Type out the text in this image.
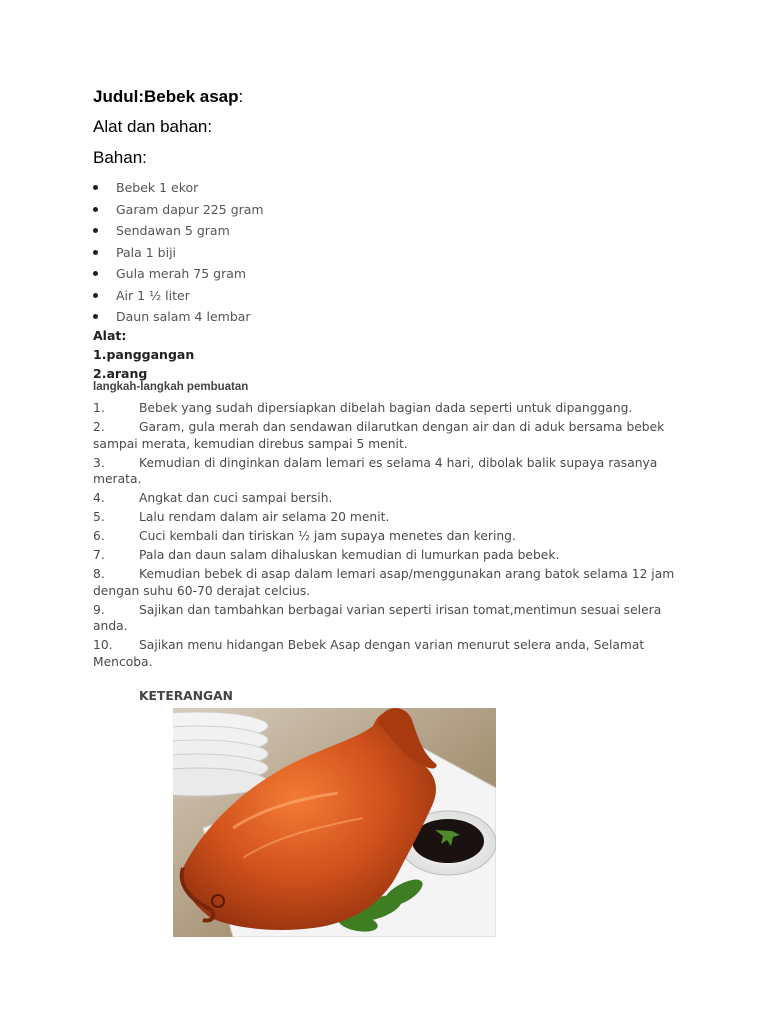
Judul:Bebek asap:
Alat dan bahan:
Bahan:
Bebek 1 ekor
Garam dapur 225 gram
Sendawan 5 gram
Pala 1 biji
Gula merah 75 gram
Air 1 ½ liter
Daun salam 4 lembar
Alat:
1.panggangan
2.arang
langkah-langkah pembuatan
1.	Bebek yang sudah dipersiapkan dibelah bagian dada seperti untuk dipanggang.
2.	Garam, gula merah dan sendawan dilarutkan dengan air dan di aduk bersama bebek sampai merata, kemudian direbus sampai 5 menit.
3.	Kemudian di dinginkan dalam lemari es selama 4 hari, dibolak balik supaya rasanya merata.
4.	Angkat dan cuci sampai bersih.
5.	Lalu rendam dalam air selama 20 menit.
6.	Cuci kembali dan tiriskan ½ jam supaya menetes dan kering.
7.	Pala dan daun salam dihaluskan kemudian di lumurkan pada bebek.
8.	Kemudian bebek di asap dalam lemari asap/menggunakan arang batok selama 12 jam dengan suhu 60-70 derajat celcius.
9.	Sajikan dan tambahkan berbagai varian seperti irisan tomat,mentimun sesuai selera anda.
10. Sajikan menu hidangan Bebek Asap dengan varian menurut selera anda, Selamat Mencoba.
KETERANGAN
